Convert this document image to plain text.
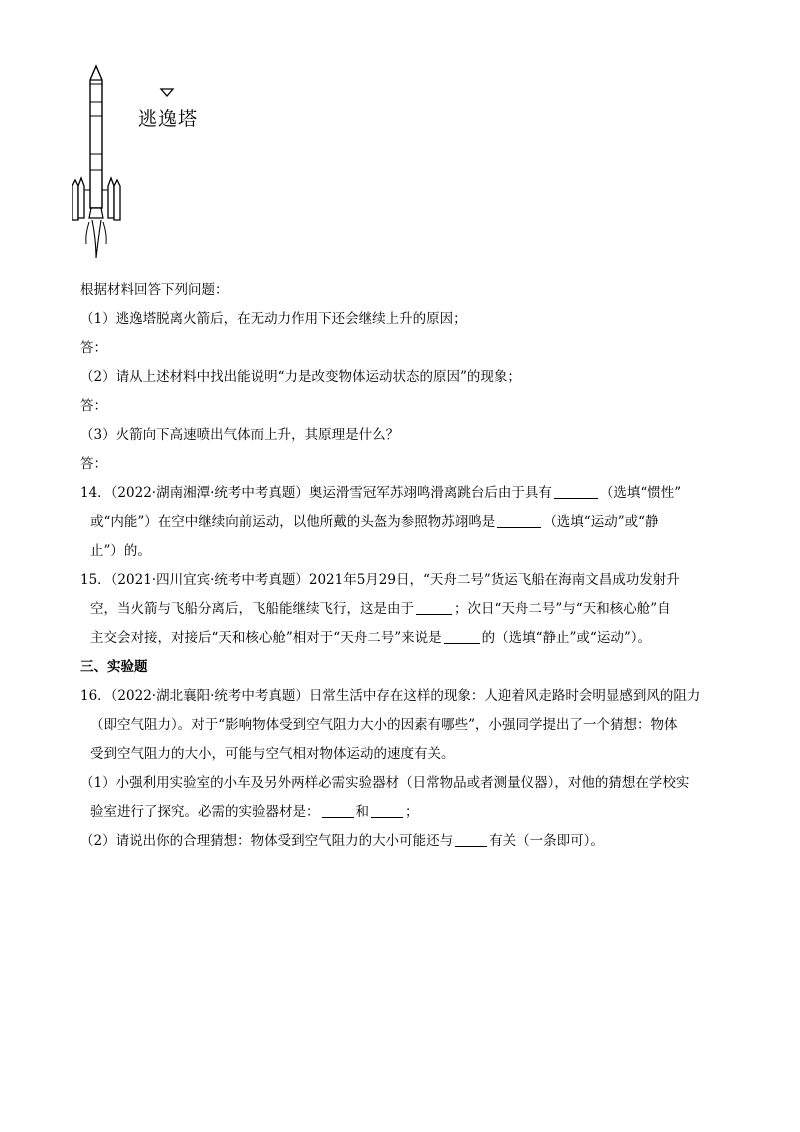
逃逸塔
根据材料回答下列问题：
（1）逃逸塔脱离火箭后，在无动力作用下还会继续上升的原因；
答：
（2）请从上述材料中找出能说明“力是改变物体运动状态的原因”的现象；
答：
（3）火箭向下高速喷出气体而上升，其原理是什么？
答：
14．（2022·湖南湘潭·统考中考真题）奥运滑雪冠军苏翊鸣滑离跳台后由于具有	（选填“惯性”
或“内能”）在空中继续向前运动，以他所戴的头盔为参照物苏翊鸣是	（选填“运动”或“静
止”）的。
15．（2021·四川宜宾·统考中考真题）2021年5月29日，“天舟二号”货运飞船在海南文昌成功发射升
空，当火箭与飞船分离后，飞船能继续飞行，这是由于	；次日“天舟二号”与“天和核心舱”自
主交会对接，对接后“天和核心舱”相对于“天舟二号”来说是	的（选填“静止”或“运动”）。
三、实验题
16．（2022·湖北襄阳·统考中考真题）日常生活中存在这样的现象：人迎着风走路时会明显感到风的阻力
（即空气阻力）。对于“影响物体受到空气阻力大小的因素有哪些”，小强同学提出了一个猜想：物体
受到空气阻力的大小，可能与空气相对物体运动的速度有关。
（1）小强利用实验室的小车及另外两样必需实验器材（日常物品或者测量仪器），对他的猜想在学校实
验室进行了探究。必需的实验器材是：	和	；
（2）请说出你的合理猜想：物体受到空气阻力的大小可能还与	有关（一条即可）。
